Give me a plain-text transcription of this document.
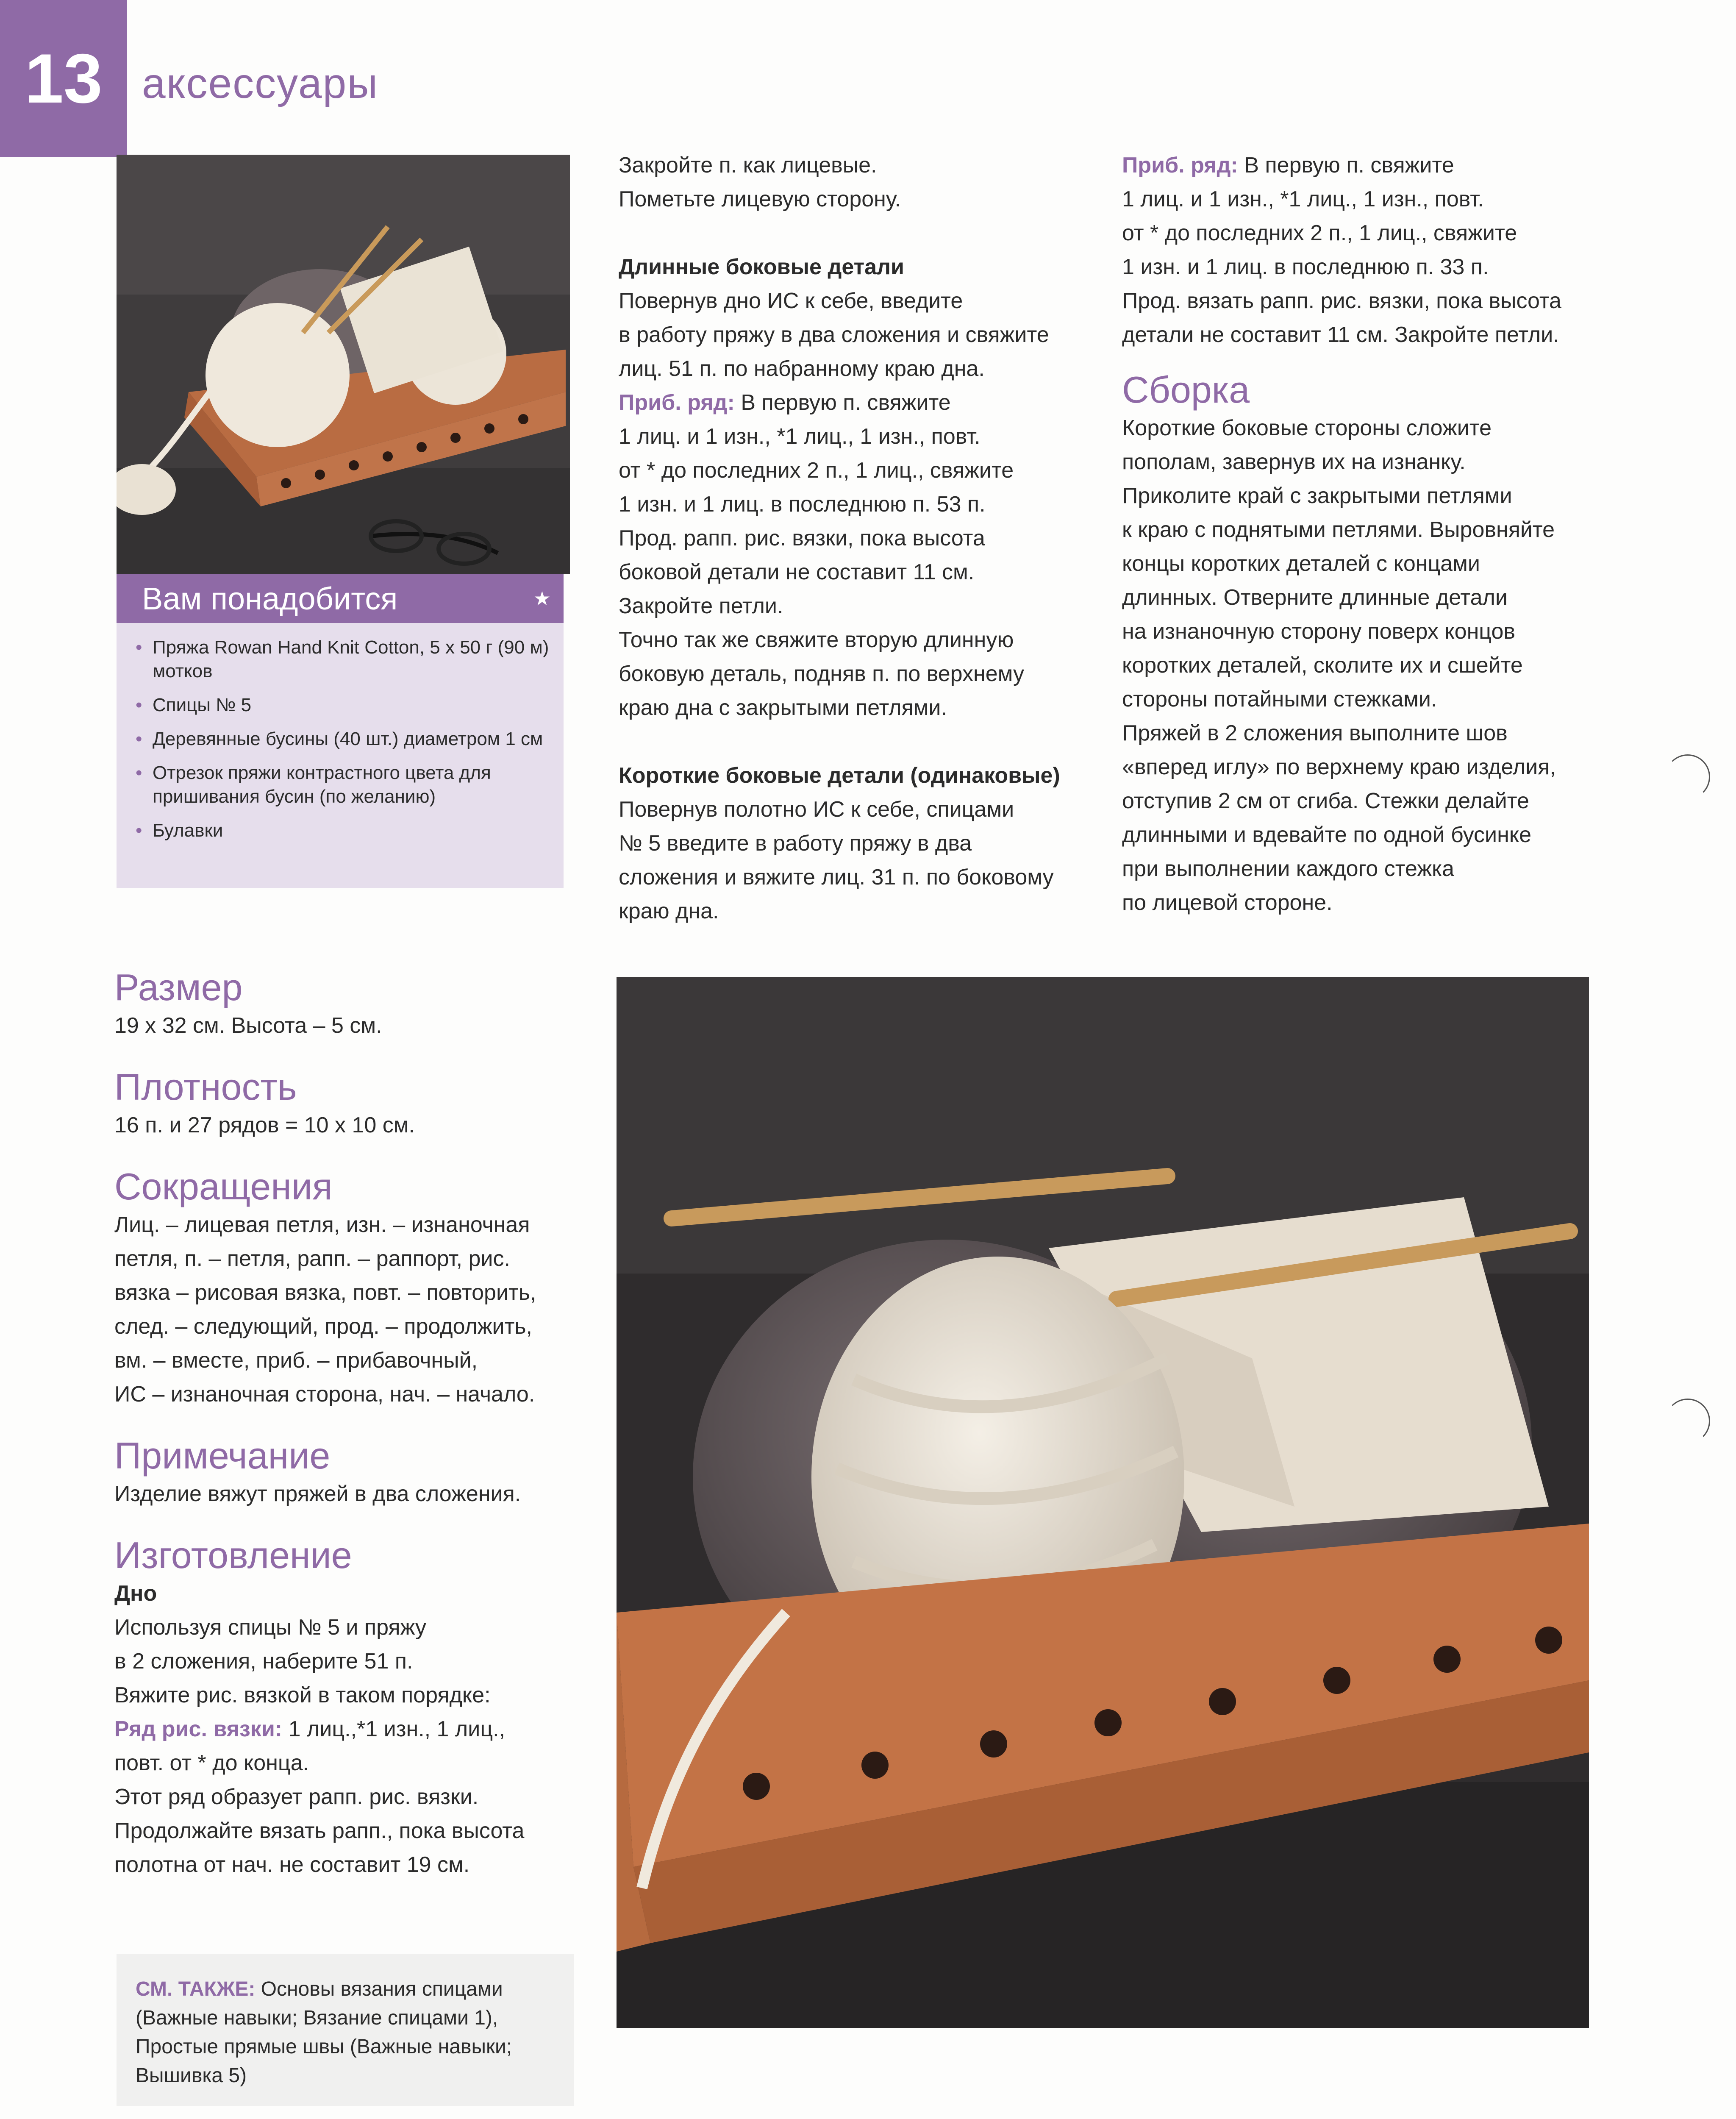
13 аксессуары
Вам понадобится	★
• Пряжа Rowan Hand Knit Cotton, 5 х 50 г (90 м) мотков
• Спицы № 5
• Деревянные бусины (40 шт.) диаметром 1 см
• Отрезок пряжи контрастного цвета для пришивания бусин (по желанию)
• Булавки

Размер

19 х 32 см. Высота – 5 см.

Плотность

16 п. и 27 рядов = 10 х 10 см.

Сокращения

Лиц. – лицевая петля, изн. – изнаночная

петля, п. – петля, рапп. – раппорт, рис.

вязка – рисовая вязка, повт. – повторить,

след. – следующий, прод. – продолжить,

вм. – вместе, приб. – прибавочный,

ИС – изнаночная сторона, нач. – начало.

Примечание

Изделие вяжут пряжей в два сложения.

Изготовление

Дно

Используя спицы № 5 и пряжу

в 2 сложения, наберите 51 п.

Вяжите рис. вязкой в таком порядке:

Ряд рис. вязки: 1 лиц.,*1 изн., 1 лиц.,

повт. от * до конца.

Этот ряд образует рапп. рис. вязки.

Продолжайте вязать рапп., пока высота

полотна от нач. не составит 19 см.

СМ. ТАКЖЕ: Основы вязания спицами (Важные навыки; Вязание спицами 1), Простые прямые швы (Важные навыки; Вышивка 5)

Закройте п. как лицевые.

Пометьте лицевую сторону.

Длинные боковые детали

Повернув дно ИС к себе, введите

в работу пряжу в два сложения и свяжите

лиц. 51 п. по набранному краю дна.

Приб. ряд: В первую п. свяжите

1 лиц. и 1 изн., *1 лиц., 1 изн., повт.

от * до последних 2 п., 1 лиц., свяжите

1 изн. и 1 лиц. в последнюю п. 53 п.

Прод. рапп. рис. вязки, пока высота

боковой детали не составит 11 см.

Закройте петли.

Точно так же свяжите вторую длинную

боковую деталь, подняв п. по верхнему

краю дна с закрытыми петлями.

Короткие боковые детали (одинаковые)

Повернув полотно ИС к себе, спицами

№ 5 введите в работу пряжу в два

сложения и вяжите лиц. 31 п. по боковому

краю дна.

Приб. ряд: В первую п. свяжите

1 лиц. и 1 изн., *1 лиц., 1 изн., повт.

от * до последних 2 п., 1 лиц., свяжите

1 изн. и 1 лиц. в последнюю п. 33 п.

Прод. вязать рапп. рис. вязки, пока высота

детали не составит 11 см. Закройте петли.

Сборка

Короткие боковые стороны сложите

пополам, завернув их на изнанку.

Приколите край с закрытыми петлями

к краю с поднятыми петлями. Выровняйте

концы коротких деталей с концами

длинных. Отверните длинные детали

на изнаночную сторону поверх концов

коротких деталей, сколите их и сшейте

стороны потайными стежками.

Пряжей в 2 сложения выполните шов

«вперед иглу» по верхнему краю изделия,

отступив 2 см от сгиба. Стежки делайте

длинными и вдевайте по одной бусинке

при выполнении каждого стежка

по лицевой стороне.
